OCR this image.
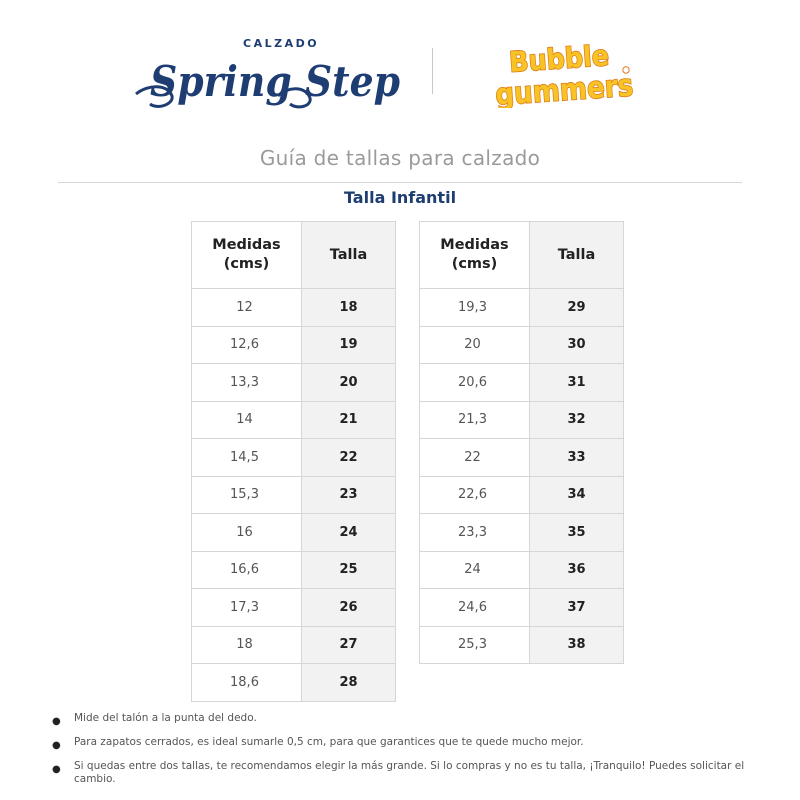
CALZADO
Spring Step	Bubble
gummers
Guía de tallas para calzado
Talla Infantil
Medidas (cms)	Talla
12	18
12,6	19
13,3	20
14	21
14,5	22
15,3	23
16	24
16,6	25
17,3	26
18	27
18,6	28
Medidas (cms)	Talla
19,3	29
20	30
20,6	31
21,3	32
22	33
22,6	34
23,3	35
24	36
24,6	37
25,3	38
● Mide del talón a la punta del dedo.
● Para zapatos cerrados, es ideal sumarle 0,5 cm, para que garantices que te quede mucho mejor.
● Si quedas entre dos tallas, te recomendamos elegir la más grande. Si lo compras y no es tu talla, ¡Tranquilo! Puedes solicitar el cambio.
